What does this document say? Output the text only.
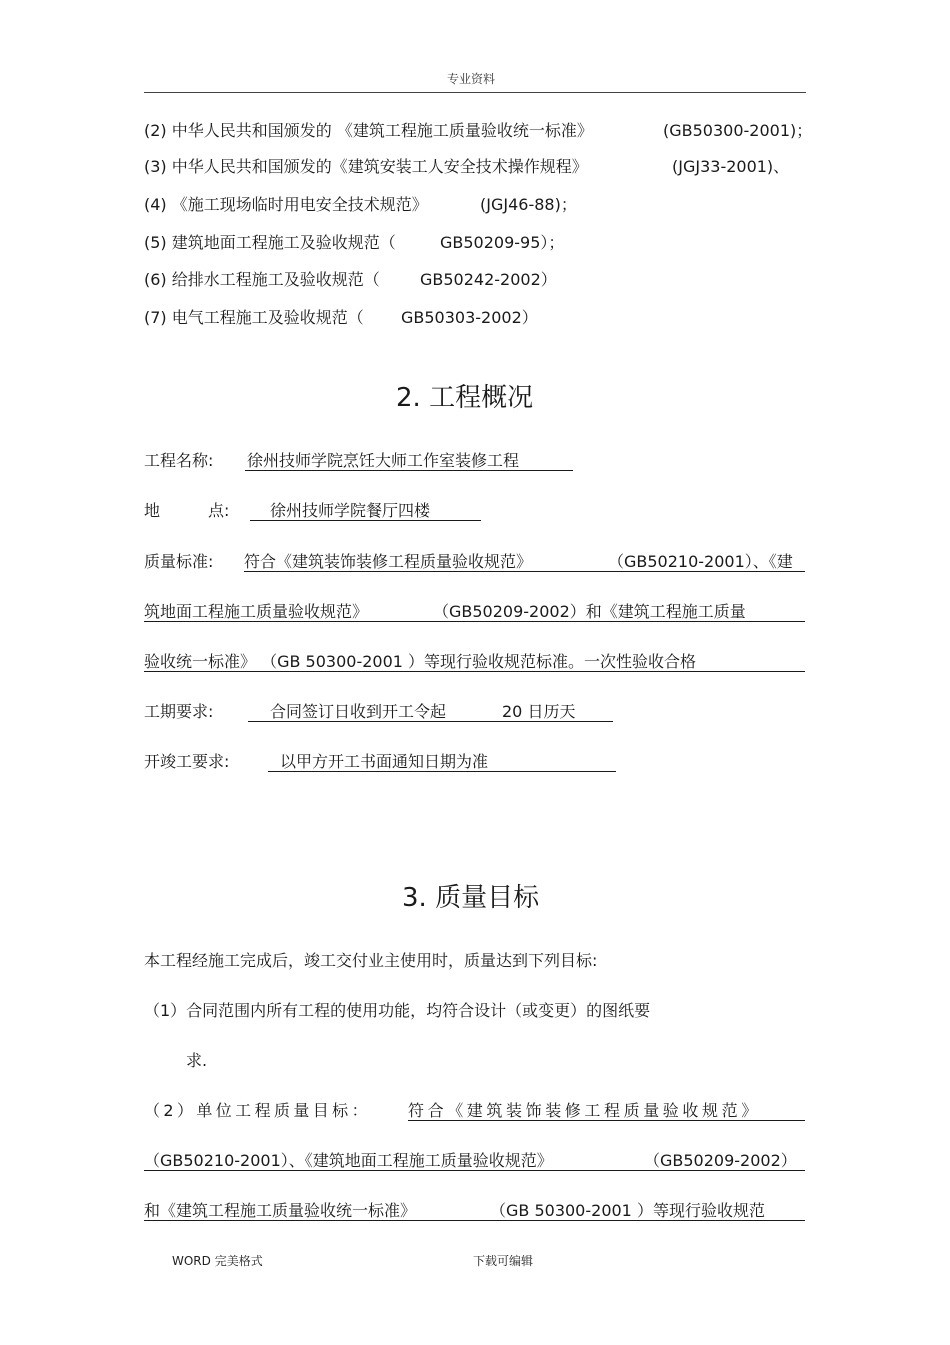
专业资料
(2) 中华人民共和国颁发的 《建筑工程施工质量验收统一标准》	(GB50300-2001)；
(3) 中华人民共和国颁发的《建筑安装工人安全技术操作规程》	(JGJ33-2001)、
(4) 《施工现场临时用电安全技术规范》	(JGJ46-88)；
(5) 建筑地面工程施工及验收规范（	GB50209-95）；
(6) 给排水工程施工及验收规范（	GB50242-2002）
(7) 电气工程施工及验收规范（ GB50303-2002）
2. 工程概况
工程名称: 徐州技师学院烹饪大师工作室装修工程
地	点:	徐州技师学院餐厅四楼
质量标准: 符合《建筑装饰装修工程质量验收规范》	（GB50210-2001）、《建
筑地面工程施工质量验收规范》	（GB50209-2002）和《建筑工程施工质量
验收统一标准》 （GB 50300-2001 ）等现行验收规范标准。一次性验收合格
工期要求:	合同签订日收到开工令起	20 日历天
开竣工要求:	以甲方开工书面通知日期为准
3. 质量目标
本工程经施工完成后，竣工交付业主使用时，质量达到下列目标:
（1）合同范围内所有工程的使用功能，均符合设计（或变更）的图纸要
求.
（2）单位工程质量目标： 符合《建筑装饰装修工程质量验收规范》
（GB50210-2001）、《建筑地面工程施工质量验收规范》	（GB50209-2002）
和《建筑工程施工质量验收统一标准》	（GB 50300-2001 ）等现行验收规范
WORD 完美格式	下载可编辑
